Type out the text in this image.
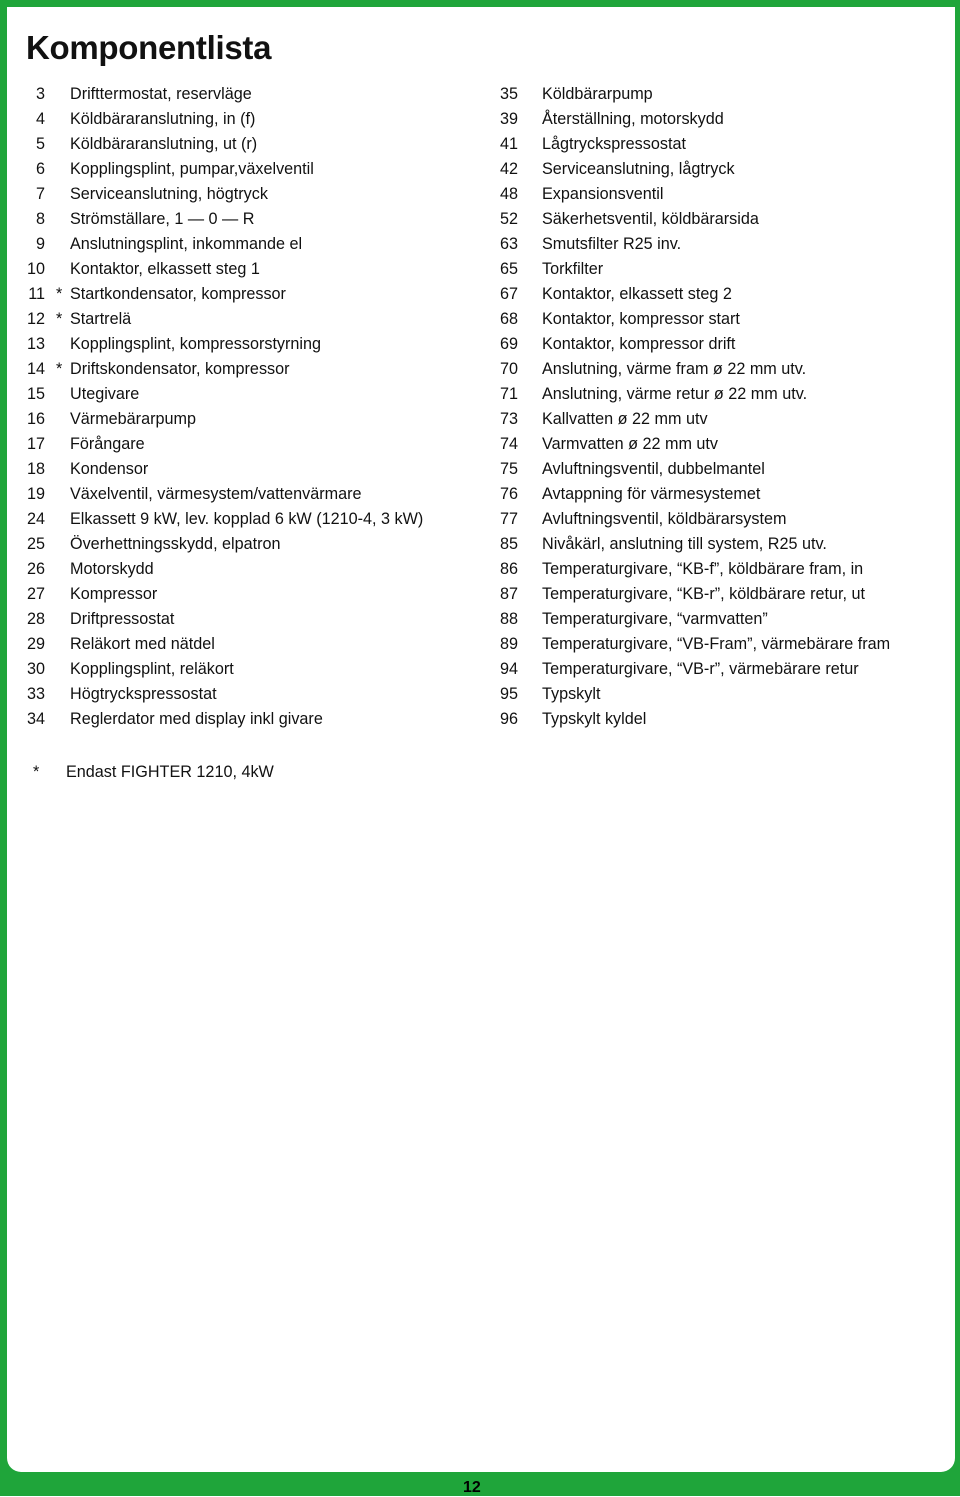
Komponentlista
3 Drifttermostat, reservläge
4 Köldbäraranslutning, in (f)
5 Köldbäraranslutning, ut (r)
6 Kopplingsplint, pumpar,växelventil
7 Serviceanslutning, högtryck
8 Strömställare, 1 — 0 — R
9 Anslutningsplint, inkommande el
10 Kontaktor, elkassett steg 1
11 * Startkondensator, kompressor
12 * Startrelä
13 Kopplingsplint, kompressorstyrning
14 * Driftskondensator, kompressor
15 Utegivare
16 Värmebärarpump
17 Förångare
18 Kondensor
19 Växelventil, värmesystem/vattenvärmare
24 Elkassett 9 kW, lev. kopplad 6 kW (1210-4, 3 kW)
25 Överhettningsskydd, elpatron
26 Motorskydd
27 Kompressor
28 Driftpressostat
29 Reläkort med nätdel
30 Kopplingsplint, reläkort
33 Högtryckspressostat
34 Reglerdator med display inkl givare
35 Köldbärarpump
39 Återställning, motorskydd
41 Lågtryckspressostat
42 Serviceanslutning, lågtryck
48 Expansionsventil
52 Säkerhetsventil, köldbärarsida
63 Smutsfilter R25 inv.
65 Torkfilter
67 Kontaktor, elkassett steg 2
68 Kontaktor, kompressor start
69 Kontaktor, kompressor drift
70 Anslutning, värme fram ø 22 mm utv.
71 Anslutning, värme retur ø 22 mm utv.
73 Kallvatten ø 22 mm utv
74 Varmvatten ø 22 mm utv
75 Avluftningsventil, dubbelmantel
76 Avtappning för värmesystemet
77 Avluftningsventil, köldbärarsystem
85 Nivåkärl, anslutning till system, R25 utv.
86 Temperaturgivare, “KB-f”, köldbärare fram, in
87 Temperaturgivare, “KB-r”, köldbärare retur, ut
88 Temperaturgivare, “varmvatten”
89 Temperaturgivare, “VB-Fram”, värmebärare fram
94 Temperaturgivare, “VB-r”, värmebärare retur
95 Typskylt
96 Typskylt kyldel
* Endast FIGHTER 1210, 4kW
12
